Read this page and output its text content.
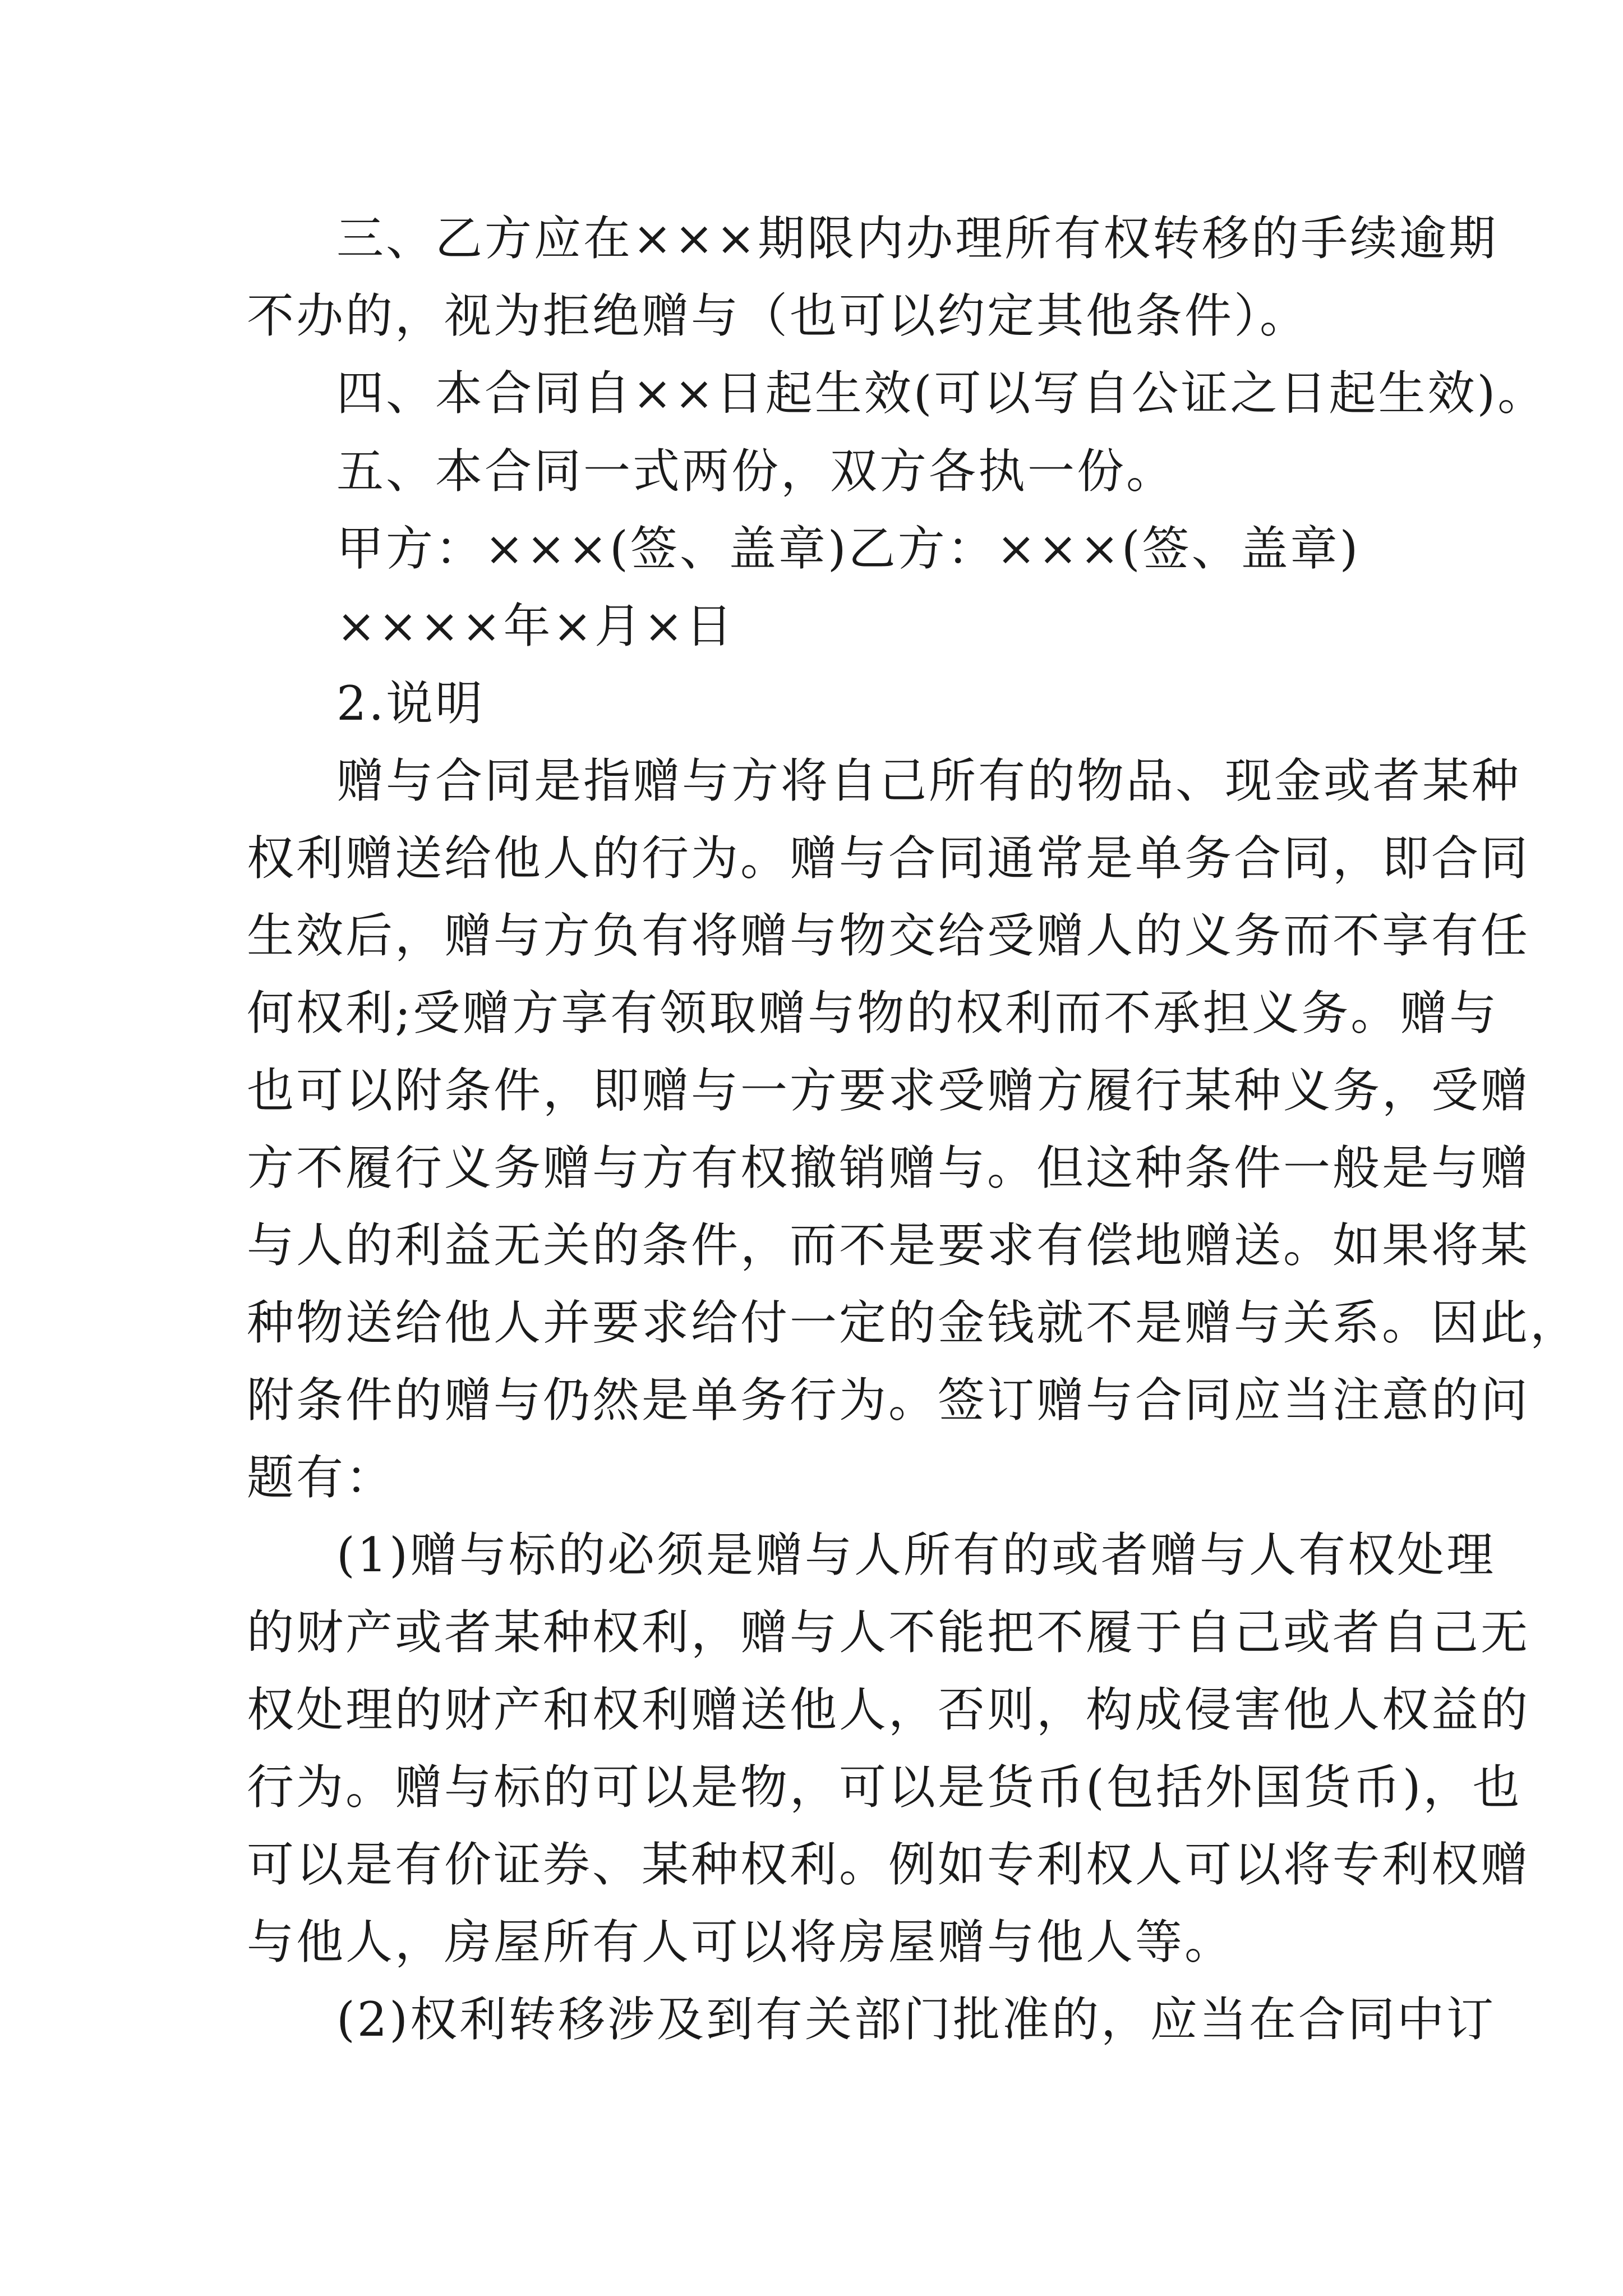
三、乙方应在×××期限内办理所有权转移的手续逾期
不办的，视为拒绝赠与（也可以约定其他条件）。
四、本合同自××日起生效(可以写自公证之日起生效)。
五、本合同一式两份，双方各执一份。
甲方：×××(签、盖章)乙方：×××(签、盖章)
××××年×月×日
2.说明
赠与合同是指赠与方将自己所有的物品、现金或者某种
权利赠送给他人的行为。赠与合同通常是单务合同，即合同
生效后，赠与方负有将赠与物交给受赠人的义务而不享有任
何权利;受赠方享有领取赠与物的权利而不承担义务。赠与
也可以附条件，即赠与一方要求受赠方履行某种义务，受赠
方不履行义务赠与方有权撤销赠与。但这种条件一般是与赠
与人的利益无关的条件，而不是要求有偿地赠送。如果将某
种物送给他人并要求给付一定的金钱就不是赠与关系。因此，
附条件的赠与仍然是单务行为。签订赠与合同应当注意的问
题有：
(1)赠与标的必须是赠与人所有的或者赠与人有权处理
的财产或者某种权利，赠与人不能把不履于自己或者自己无
权处理的财产和权利赠送他人，否则，构成侵害他人权益的
行为。赠与标的可以是物，可以是货币(包括外国货币)，也
可以是有价证券、某种权利。例如专利权人可以将专利权赠
与他人，房屋所有人可以将房屋赠与他人等。
(2)权利转移涉及到有关部门批准的，应当在合同中订
